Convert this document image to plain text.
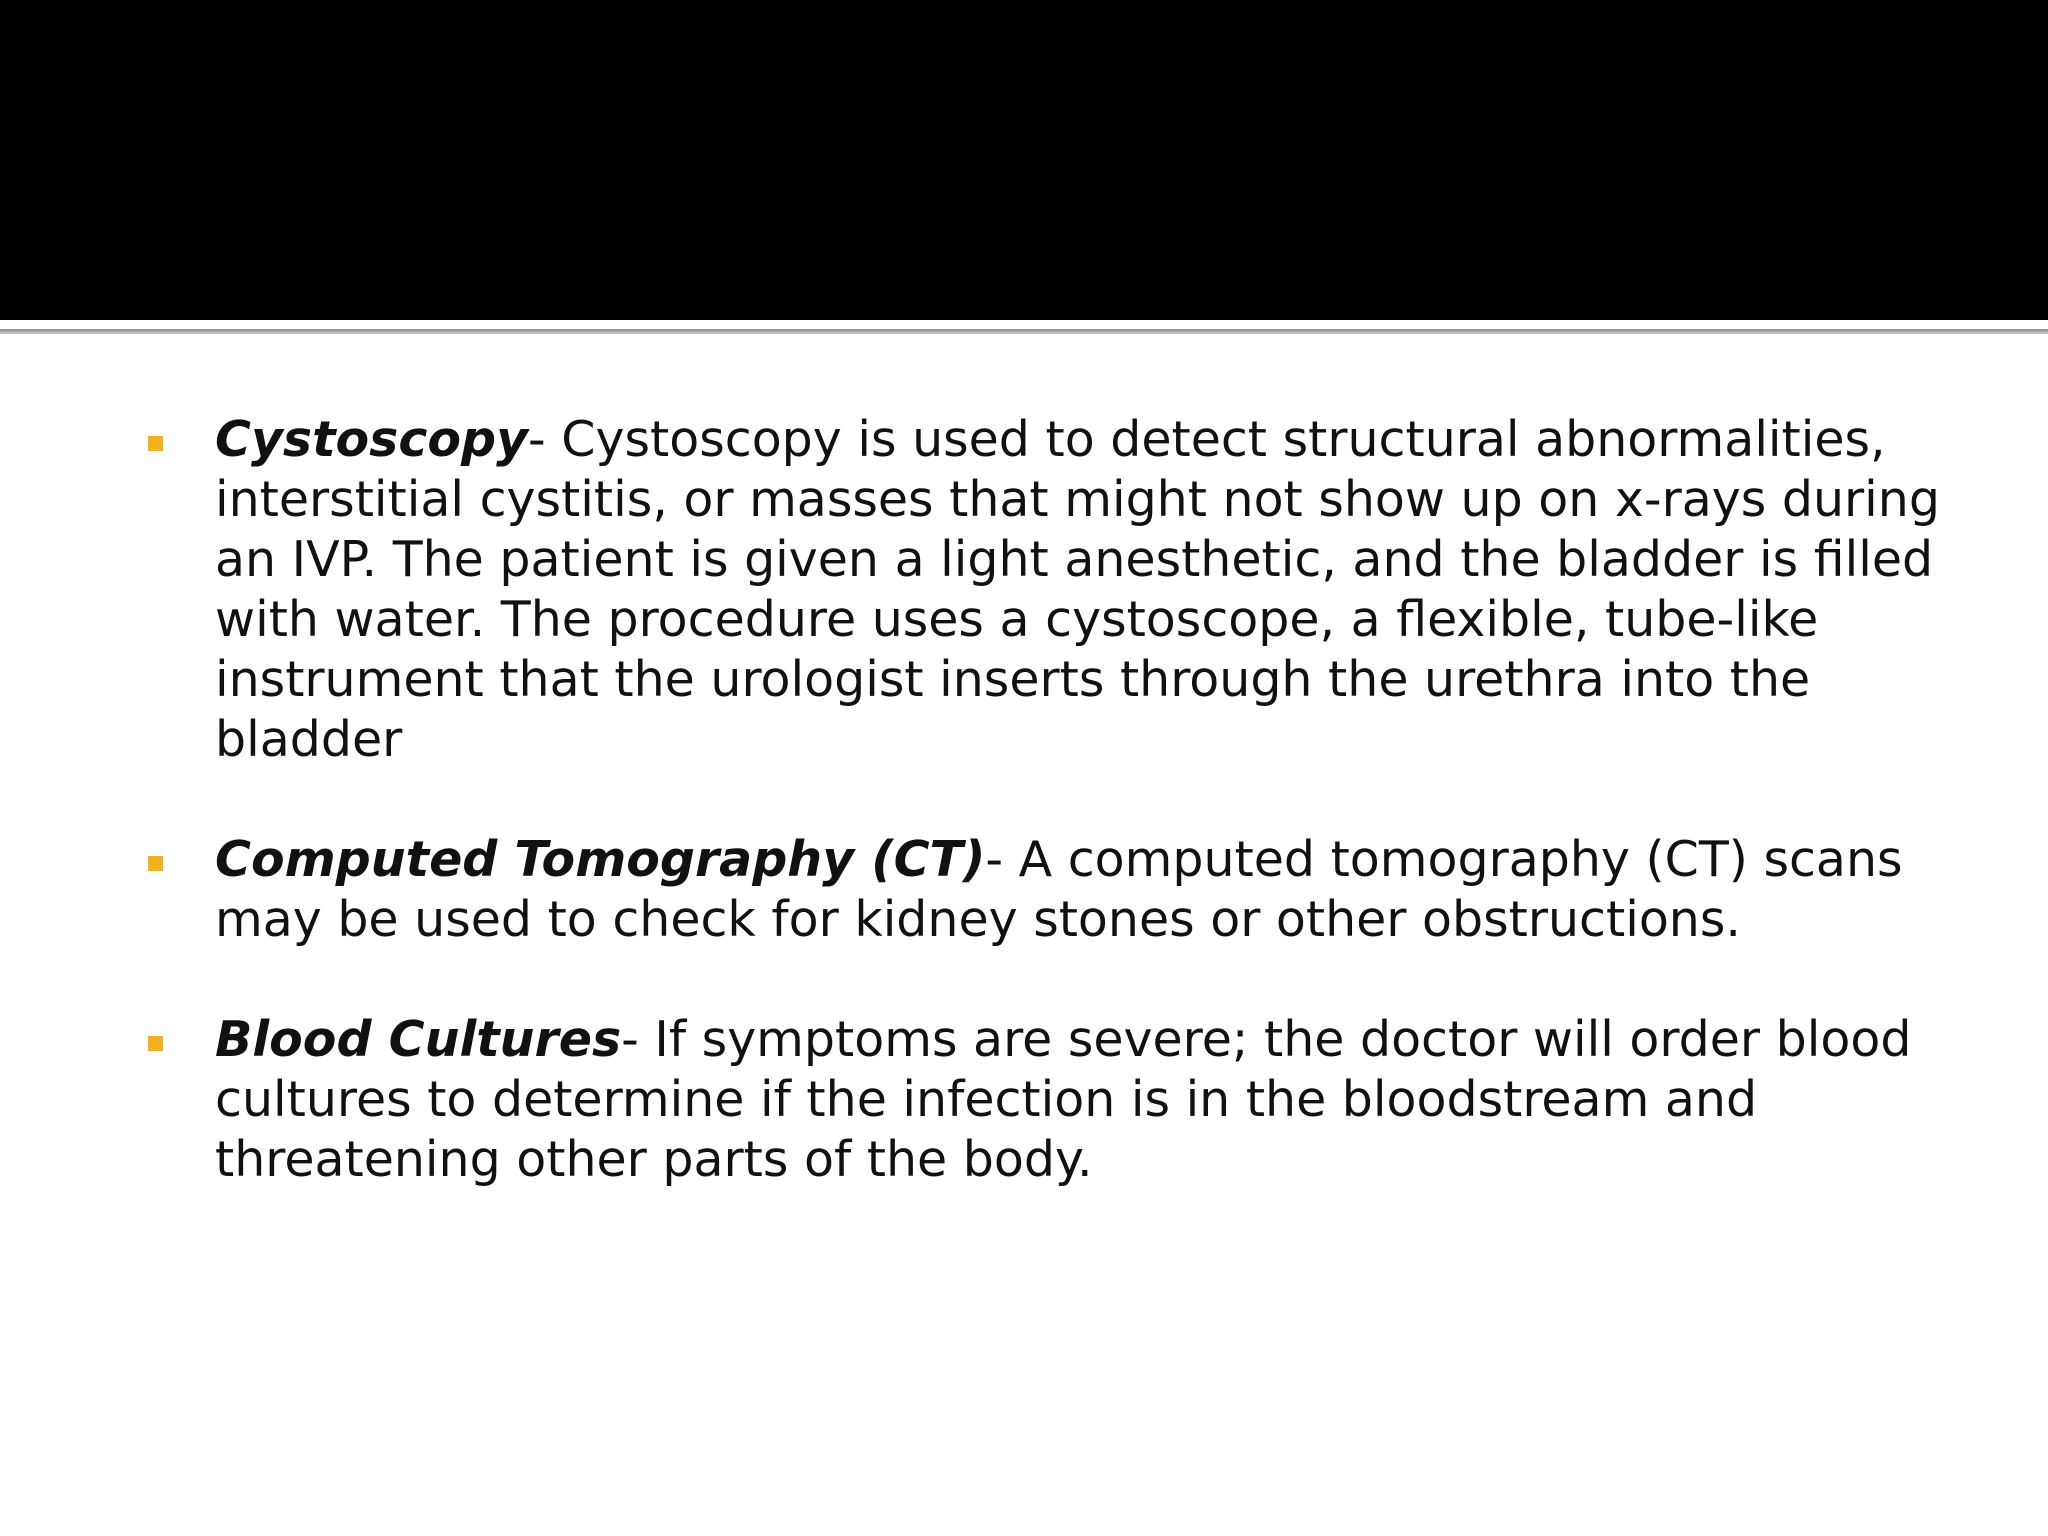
Cystoscopy- Cystoscopy is used to detect structural abnormalities, interstitial cystitis, or masses that might not show up on x-rays during an IVP. The patient is given a light anesthetic, and the bladder is filled with water. The procedure uses a cystoscope, a flexible, tube-like instrument that the urologist inserts through the urethra into the bladder

Computed Tomography (CT)- A computed tomography (CT) scans may be used to check for kidney stones or other obstructions.

Blood Cultures- If symptoms are severe; the doctor will order blood cultures to determine if the infection is in the bloodstream and threatening other parts of the body.
